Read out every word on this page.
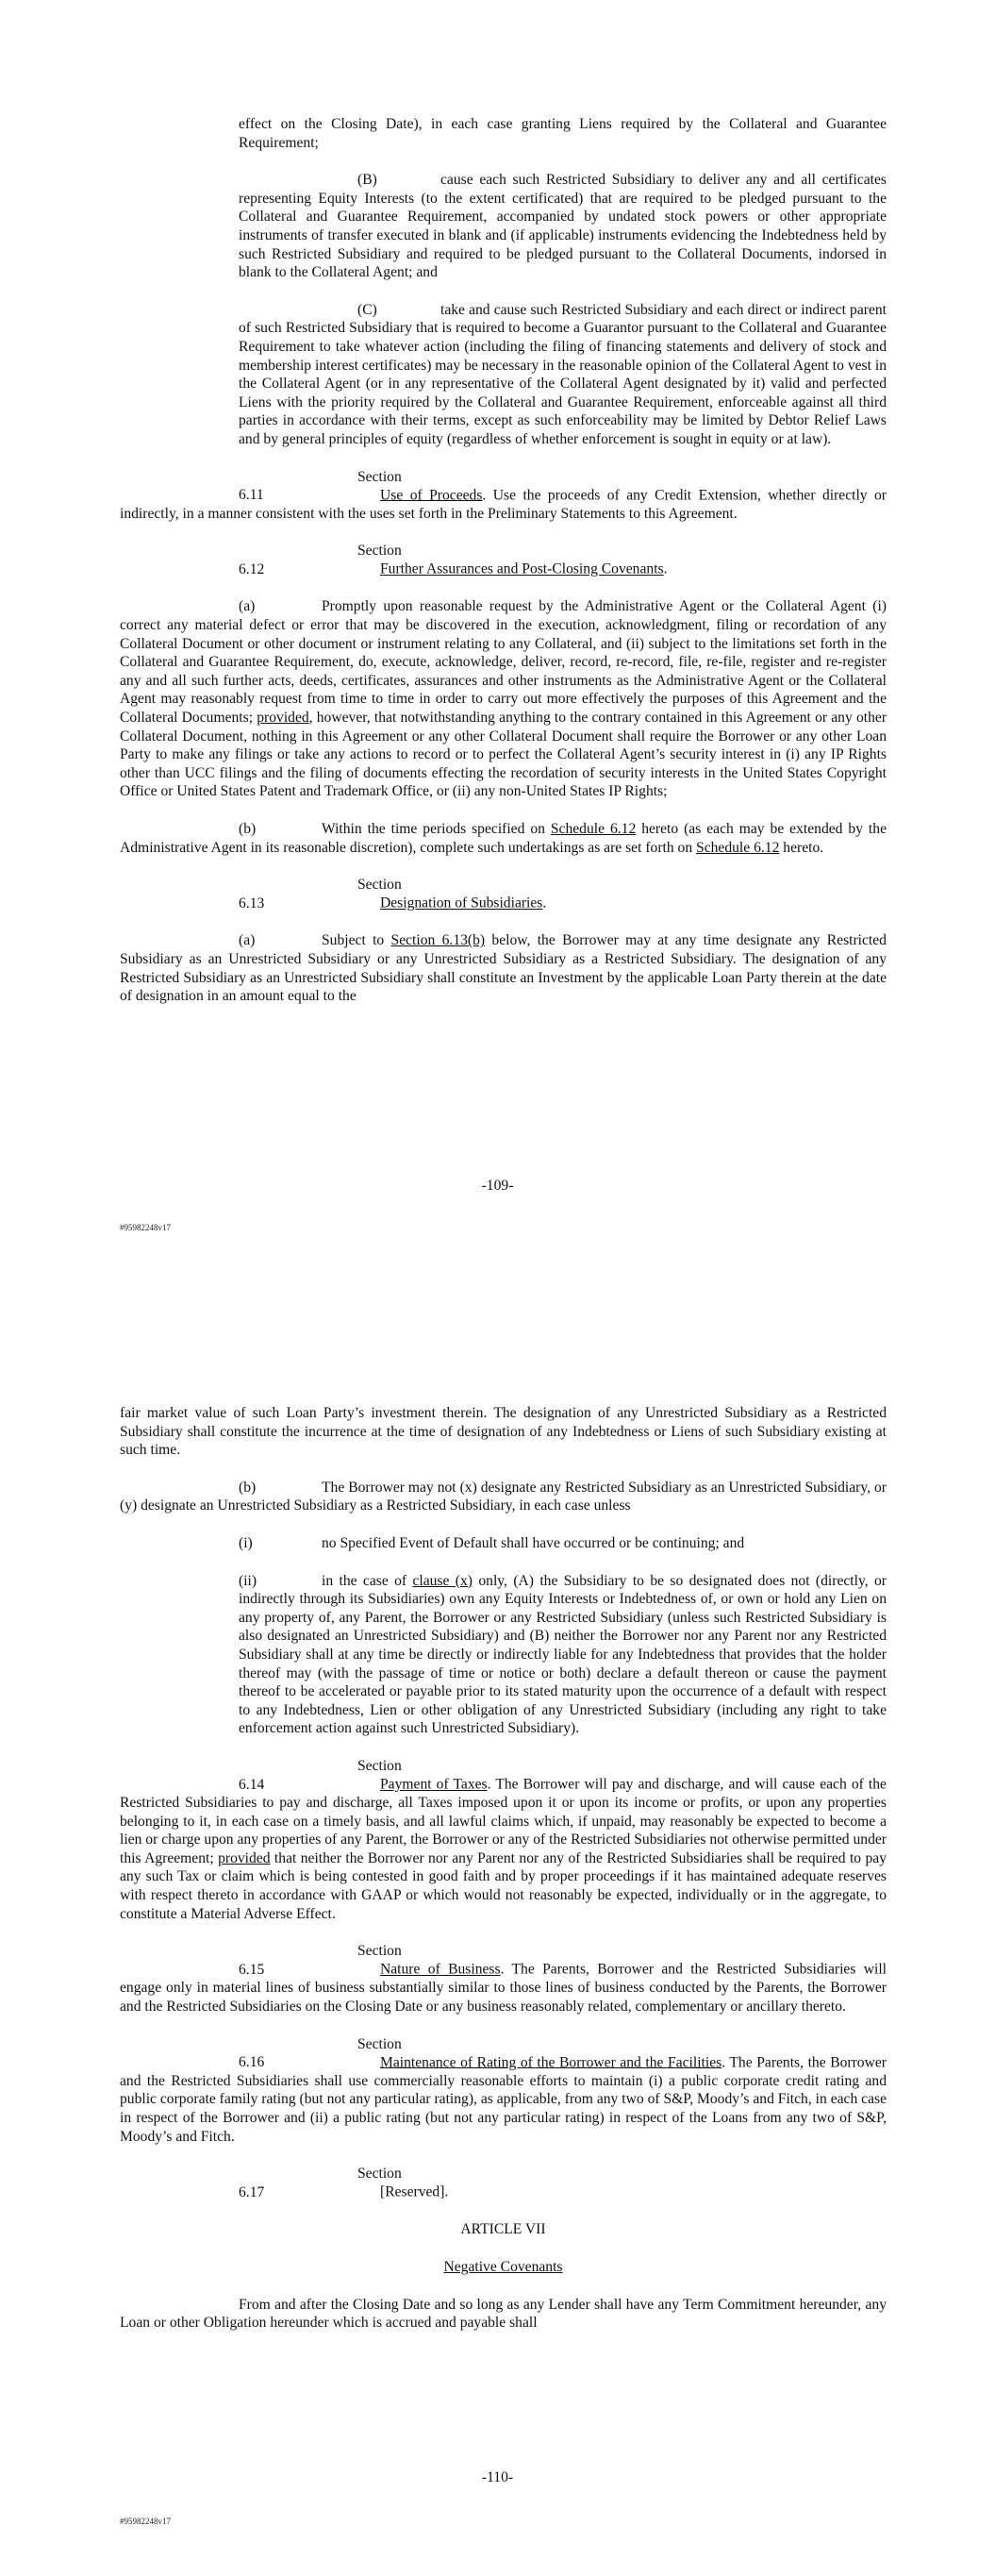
effect on the Closing Date), in each case granting Liens required by the Collateral and Guarantee Requirement;

(B)	cause each such Restricted Subsidiary to deliver any and all certificates representing Equity Interests (to the extent certificated) that are required to be pledged pursuant to the Collateral and Guarantee Requirement, accompanied by undated stock powers or other appropriate instruments of transfer executed in blank and (if applicable) instruments evidencing the Indebtedness held by such Restricted Subsidiary and required to be pledged pursuant to the Collateral Documents, indorsed in blank to the Collateral Agent; and

(C)	take and cause such Restricted Subsidiary and each direct or indirect parent of such Restricted Subsidiary that is required to become a Guarantor pursuant to the Collateral and Guarantee Requirement to take whatever action (including the filing of financing statements and delivery of stock and membership interest certificates) may be necessary in the reasonable opinion of the Collateral Agent to vest in the Collateral Agent (or in any representative of the Collateral Agent designated by it) valid and perfected Liens with the priority required by the Collateral and Guarantee Requirement, enforceable against all third parties in accordance with their terms, except as such enforceability may be limited by Debtor Relief Laws and by general principles of equity (regardless of whether enforcement is sought in equity or at law).

Section 6.11	Use of Proceeds. Use the proceeds of any Credit Extension, whether directly or indirectly, in a manner consistent with the uses set forth in the Preliminary Statements to this Agreement.

Section 6.12	Further Assurances and Post-Closing Covenants.

(a)	Promptly upon reasonable request by the Administrative Agent or the Collateral Agent (i) correct any material defect or error that may be discovered in the execution, acknowledgment, filing or recordation of any Collateral Document or other document or instrument relating to any Collateral, and (ii) subject to the limitations set forth in the Collateral and Guarantee Requirement, do, execute, acknowledge, deliver, record, re-record, file, re-file, register and re-register any and all such further acts, deeds, certificates, assurances and other instruments as the Administrative Agent or the Collateral Agent may reasonably request from time to time in order to carry out more effectively the purposes of this Agreement and the Collateral Documents; provided, however, that notwithstanding anything to the contrary contained in this Agreement or any other Collateral Document, nothing in this Agreement or any other Collateral Document shall require the Borrower or any other Loan Party to make any filings or take any actions to record or to perfect the Collateral Agent’s security interest in (i) any IP Rights other than UCC filings and the filing of documents effecting the recordation of security interests in the United States Copyright Office or United States Patent and Trademark Office, or (ii) any non-United States IP Rights;

(b)	Within the time periods specified on Schedule 6.12 hereto (as each may be extended by the Administrative Agent in its reasonable discretion), complete such undertakings as are set forth on Schedule 6.12 hereto.

Section 6.13	Designation of Subsidiaries.

(a)	Subject to Section 6.13(b) below, the Borrower may at any time designate any Restricted Subsidiary as an Unrestricted Subsidiary or any Unrestricted Subsidiary as a Restricted Subsidiary. The designation of any Restricted Subsidiary as an Unrestricted Subsidiary shall constitute an Investment by the applicable Loan Party therein at the date of designation in an amount equal to the

-109-
#95982248v17

fair market value of such Loan Party’s investment therein. The designation of any Unrestricted Subsidiary as a Restricted Subsidiary shall constitute the incurrence at the time of designation of any Indebtedness or Liens of such Subsidiary existing at such time.

(b)	The Borrower may not (x) designate any Restricted Subsidiary as an Unrestricted Subsidiary, or (y) designate an Unrestricted Subsidiary as a Restricted Subsidiary, in each case unless

(i)	no Specified Event of Default shall have occurred or be continuing; and

(ii)	in the case of clause (x) only, (A) the Subsidiary to be so designated does not (directly, or indirectly through its Subsidiaries) own any Equity Interests or Indebtedness of, or own or hold any Lien on any property of, any Parent, the Borrower or any Restricted Subsidiary (unless such Restricted Subsidiary is also designated an Unrestricted Subsidiary) and (B) neither the Borrower nor any Parent nor any Restricted Subsidiary shall at any time be directly or indirectly liable for any Indebtedness that provides that the holder thereof may (with the passage of time or notice or both) declare a default thereon or cause the payment thereof to be accelerated or payable prior to its stated maturity upon the occurrence of a default with respect to any Indebtedness, Lien or other obligation of any Unrestricted Subsidiary (including any right to take enforcement action against such Unrestricted Subsidiary).

Section 6.14	Payment of Taxes. The Borrower will pay and discharge, and will cause each of the Restricted Subsidiaries to pay and discharge, all Taxes imposed upon it or upon its income or profits, or upon any properties belonging to it, in each case on a timely basis, and all lawful claims which, if unpaid, may reasonably be expected to become a lien or charge upon any properties of any Parent, the Borrower or any of the Restricted Subsidiaries not otherwise permitted under this Agreement; provided that neither the Borrower nor any Parent nor any of the Restricted Subsidiaries shall be required to pay any such Tax or claim which is being contested in good faith and by proper proceedings if it has maintained adequate reserves with respect thereto in accordance with GAAP or which would not reasonably be expected, individually or in the aggregate, to constitute a Material Adverse Effect.

Section 6.15	Nature of Business. The Parents, Borrower and the Restricted Subsidiaries will engage only in material lines of business substantially similar to those lines of business conducted by the Parents, the Borrower and the Restricted Subsidiaries on the Closing Date or any business reasonably related, complementary or ancillary thereto.

Section 6.16	Maintenance of Rating of the Borrower and the Facilities. The Parents, the Borrower and the Restricted Subsidiaries shall use commercially reasonable efforts to maintain (i) a public corporate credit rating and public corporate family rating (but not any particular rating), as applicable, from any two of S&P, Moody’s and Fitch, in each case in respect of the Borrower and (ii) a public rating (but not any particular rating) in respect of the Loans from any two of S&P, Moody’s and Fitch.

Section 6.17	[Reserved].

ARTICLE VII

Negative Covenants

From and after the Closing Date and so long as any Lender shall have any Term Commitment hereunder, any Loan or other Obligation hereunder which is accrued and payable shall

-110-
#95982248v17
